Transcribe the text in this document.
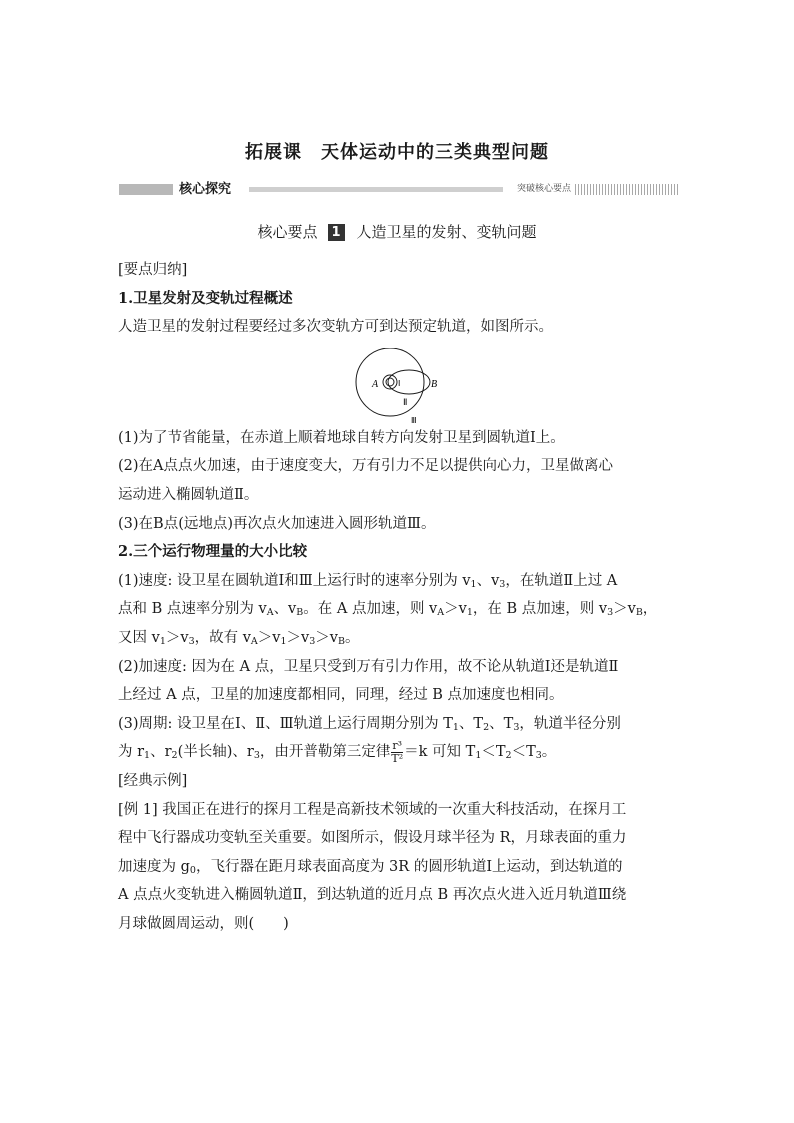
拓展课　天体运动中的三类典型问题
核心探究	突破核心要点
核心要点 1 人造卫星的发射、变轨问题
[要点归纳]
1.卫星发射及变轨过程概述
人造卫星的发射过程要经过多次变轨方可到达预定轨道，如图所示。
A	B
Ⅰ
Ⅱ
Ⅲ
(1)为了节省能量，在赤道上顺着地球自转方向发射卫星到圆轨道Ⅰ上。
(2)在A点点火加速，由于速度变大，万有引力不足以提供向心力，卫星做离心
运动进入椭圆轨道Ⅱ。
(3)在B点(远地点)再次点火加速进入圆形轨道Ⅲ。
2.三个运行物理量的大小比较
(1)速度: 设卫星在圆轨道Ⅰ和Ⅲ上运行时的速率分别为 $v_1$、$v_3$，在轨道Ⅱ上过 A
点和 B 点速率分别为 $v_A$、$v_B$。在 A 点加速，则 $v_A>v_1$，在 B 点加速，则 $v_3>v_B$，
又因 $v_1>v_3$，故有 $v_A>v_1>v_3>v_B$。
(2)加速度: 因为在 A 点，卫星只受到万有引力作用，故不论从轨道Ⅰ还是轨道Ⅱ
上经过 A 点，卫星的加速度都相同，同理，经过 B 点加速度也相同。
(3)周期: 设卫星在Ⅰ、Ⅱ、Ⅲ轨道上运行周期分别为 $T_1$、$T_2$、$T_3$，轨道半径分别
为 $r_1$、$r_2$(半长轴)、$r_3$，由开普勒第三定律 $\frac{\text{r³}}{\text{T²}} =k$ 可知 $T_1<T_2<T_3$。
[经典示例]
[例 1] 我国正在进行的探月工程是高新技术领域的一次重大科技活动，在探月工
程中飞行器成功变轨至关重要。如图所示，假设月球半径为 R，月球表面的重力
加速度为 $g_0$，飞行器在距月球表面高度为 3R 的圆形轨道Ⅰ上运动，到达轨道的
A 点点火变轨进入椭圆轨道Ⅱ，到达轨道的近月点 B 再次点火进入近月轨道Ⅲ绕
月球做圆周运动，则(　　)
